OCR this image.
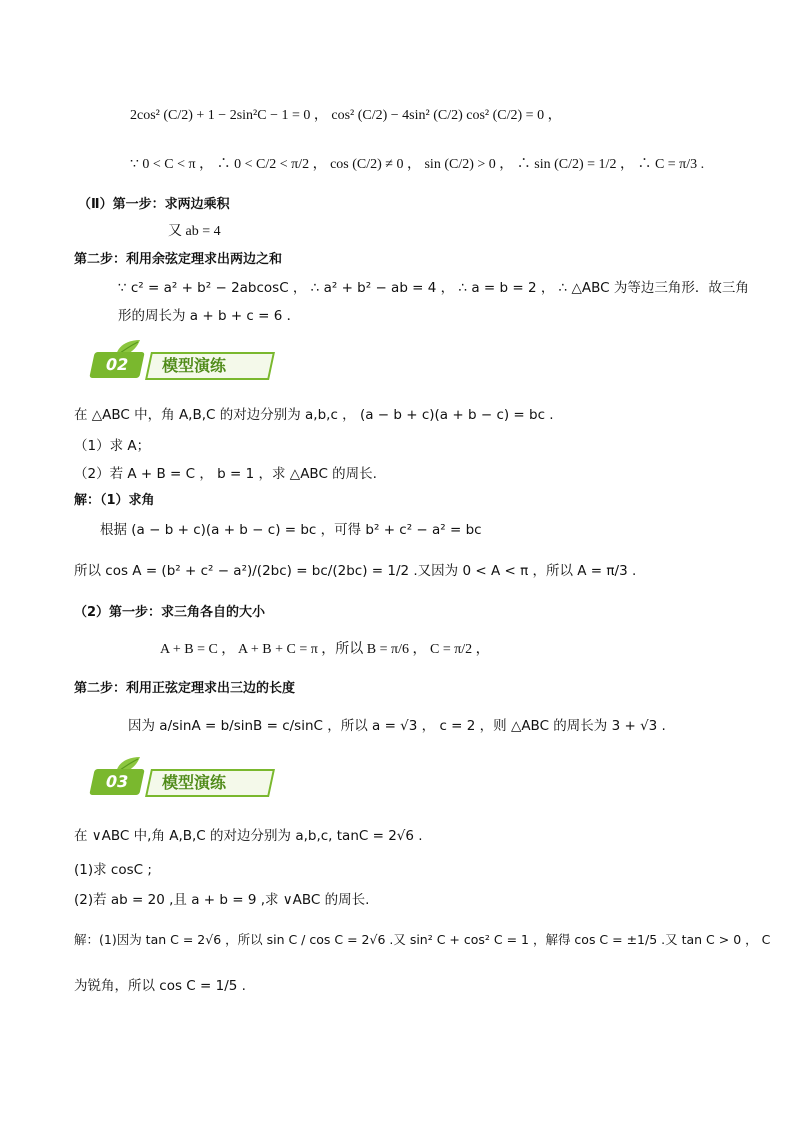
2cos² (C/2) + 1 − 2sin²C − 1 = 0 ， cos² (C/2) − 4sin² (C/2) cos² (C/2) = 0 ，
∵ 0 < C < π ， ∴ 0 < C/2 < π/2 ， cos (C/2) ≠ 0 ， sin (C/2) > 0 ， ∴ sin (C/2) = 1/2 ， ∴ C = π/3 .
（Ⅱ）第一步：求两边乘积
又 ab = 4
第二步：利用余弦定理求出两边之和
∵ c² = a² + b² − 2abcosC ， ∴ a² + b² − ab = 4 ， ∴ a = b = 2 ， ∴ △ABC 为等边三角形．故三角
形的周长为 a + b + c = 6 ．
02	模型演练
在 △ABC 中，角 A,B,C 的对边分别为 a,b,c ， (a − b + c)(a + b − c) = bc .
（1）求 A；
（2）若 A + B = C ， b = 1 ，求 △ABC 的周长.
解：（1）求角
根据 (a − b + c)(a + b − c) = bc ，可得 b² + c² − a² = bc
所以 cos A = (b² + c² − a²)/(2bc) = bc/(2bc) = 1/2 .又因为 0 < A < π ，所以 A = π/3 .
（2）第一步：求三角各自的大小
A + B = C ， A + B + C = π ，所以 B = π/6 ， C = π/2 ，
第二步：利用正弦定理求出三边的长度
因为 a/sinA = b/sinB = c/sinC ，所以 a = √3 ， c = 2 ，则 △ABC 的周长为 3 + √3 .
03	模型演练
在 ∨ABC 中,角 A,B,C 的对边分别为 a,b,c, tanC = 2√6 .
(1)求 cosC ;
(2)若 ab = 20 ,且 a + b = 9 ,求 ∨ABC 的周长.
解：(1)因为 tan C = 2√6 ，所以 sin C / cos C = 2√6 .又 sin² C + cos² C = 1 ，解得 cos C = ±1/5 .又 tan C > 0 ， C
为锐角，所以 cos C = 1/5 .
